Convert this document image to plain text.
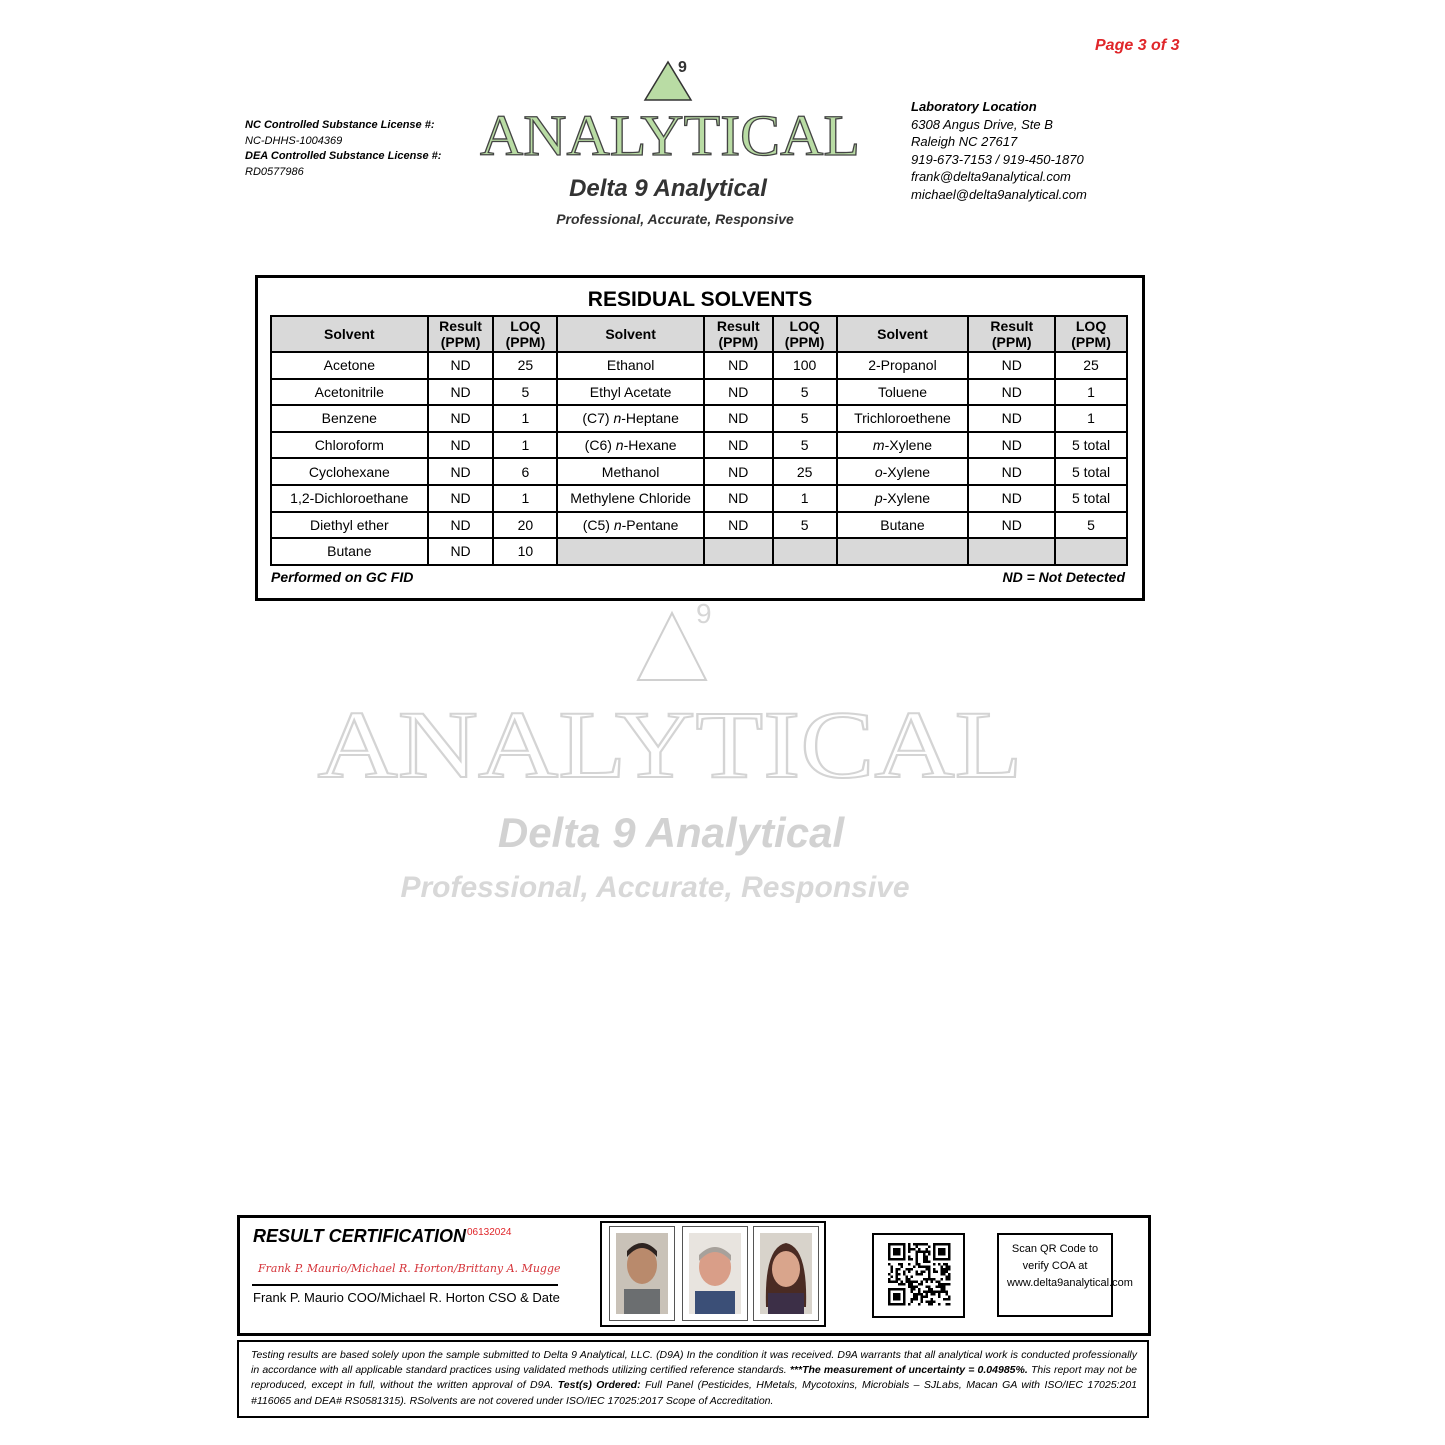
Page 3 of 3
NC Controlled Substance License #:
NC-DHHS-1004369
DEA Controlled Substance License #:
RD0577986
9
ANALYTICAL
Delta 9 Analytical
Professional, Accurate, Responsive
Laboratory Location
6308 Angus Drive, Ste B
Raleigh NC 27617
919-673-7153 / 919-450-1870
frank@delta9analytical.com
michael@delta9analytical.com
RESIDUAL SOLVENTS
Solvent	Result (PPM)	LOQ (PPM)	Solvent	Result (PPM)	LOQ (PPM)	Solvent	Result (PPM)	LOQ (PPM)
Acetone	ND	25	Ethanol	ND	100	2-Propanol	ND	25
Acetonitrile	ND	5	Ethyl Acetate	ND	5	Toluene	ND	1
Benzene	ND	1	(C7) n-Heptane	ND	5	Trichloroethene	ND	1
Chloroform	ND	1	(C6) n-Hexane	ND	5	m-Xylene	ND	5 total
Cyclohexane	ND	6	Methanol	ND	25	o-Xylene	ND	5 total
1,2-Dichloroethane	ND	1	Methylene Chloride	ND	1	p-Xylene	ND	5 total
Diethyl ether	ND	20	(C5) n-Pentane	ND	5	Butane	ND	5
Butane	ND	10						
Performed on GC FID	ND = Not Detected
9
ANALYTICAL
Delta 9 Analytical
Professional, Accurate, Responsive
RESULT CERTIFICATION 06132024
Frank P. Maurio/Michael R. Horton/Brittany A. Mugge
Frank P. Maurio COO/Michael R. Horton CSO & Date
Scan QR Code to verify COA at www.delta9analytical.com
Testing results are based solely upon the sample submitted to Delta 9 Analytical, LLC. (D9A) In the condition it was received. D9A warrants that all analytical work is conducted professionally in accordance with all applicable standard practices using validated methods utilizing certified reference standards. ***The measurement of uncertainty = 0.04985%. This report may not be reproduced, except in full, without the written approval of D9A. Test(s) Ordered: Full Panel (Pesticides, HMetals, Mycotoxins, Microbials – SJLabs, Macan GA with ISO/IEC 17025:201 #116065 and DEA# RS0581315). RSolvents are not covered under ISO/IEC 17025:2017 Scope of Accreditation.
